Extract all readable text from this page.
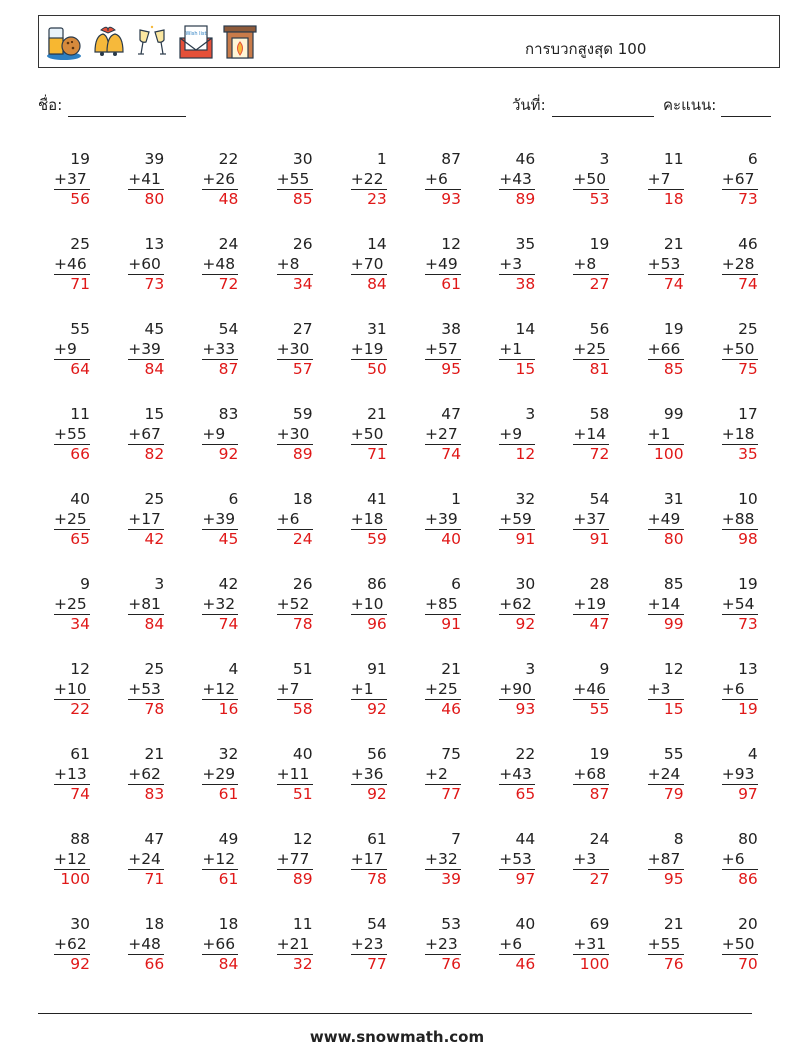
Wish list
การบวกสูงสุด 100
ชื่อ:	วันที่:	คะแนน:
19
+37
56
39
+41
80
22
+26
48
30
+55
85
1
+22
23
87
+6
93
46
+43
89
3
+50
53
11
+7
18
6
+67
73
25
+46
71
13
+60
73
24
+48
72
26
+8
34
14
+70
84
12
+49
61
35
+3
38
19
+8
27
21
+53
74
46
+28
74
55
+9
64
45
+39
84
54
+33
87
27
+30
57
31
+19
50
38
+57
95
14
+1
15
56
+25
81
19
+66
85
25
+50
75
11
+55
66
15
+67
82
83
+9
92
59
+30
89
21
+50
71
47
+27
74
3
+9
12
58
+14
72
99
+1
100
17
+18
35
40
+25
65
25
+17
42
6
+39
45
18
+6
24
41
+18
59
1
+39
40
32
+59
91
54
+37
91
31
+49
80
10
+88
98
9
+25
34
3
+81
84
42
+32
74
26
+52
78
86
+10
96
6
+85
91
30
+62
92
28
+19
47
85
+14
99
19
+54
73
12
+10
22
25
+53
78
4
+12
16
51
+7
58
91
+1
92
21
+25
46
3
+90
93
9
+46
55
12
+3
15
13
+6
19
61
+13
74
21
+62
83
32
+29
61
40
+11
51
56
+36
92
75
+2
77
22
+43
65
19
+68
87
55
+24
79
4
+93
97
88
+12
100
47
+24
71
49
+12
61
12
+77
89
61
+17
78
7
+32
39
44
+53
97
24
+3
27
8
+87
95
80
+6
86
30
+62
92
18
+48
66
18
+66
84
11
+21
32
54
+23
77
53
+23
76
40
+6
46
69
+31
100
21
+55
76
20
+50
70
www.snowmath.com
